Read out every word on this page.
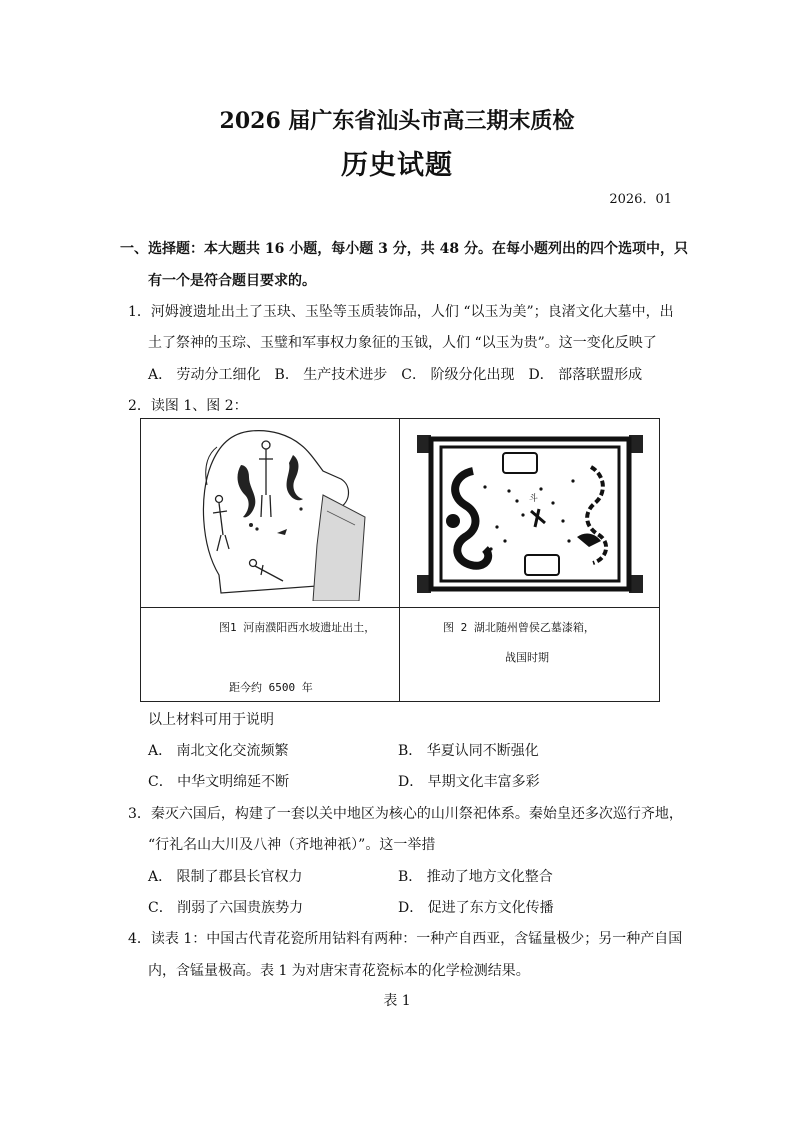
2026 届广东省汕头市高三期末质检
历史试题
2026．01
一、选择题：本大题共 16 小题，每小题 3 分，共 48 分。在每小题列出的四个选项中，只
有一个是符合题目要求的。
1．河姆渡遗址出土了玉玦、玉坠等玉质装饰品，人们 “以玉为美”；良渚文化大墓中，出
土了祭神的玉琮、玉璧和军事权力象征的玉钺，人们 “以玉为贵”。这一变化反映了
A． 劳动分工细化　B． 生产技术进步　C． 阶级分化出现　D． 部落联盟形成
2．读图 1、图 2：
斗
图1 河南濮阳西水坡遗址出土，
距今约 6500 年
图 2 湖北随州曾侯乙墓漆箱，
战国时期
以上材料可用于说明
A． 南北文化交流频繁	B． 华夏认同不断强化
C． 中华文明绵延不断	D． 早期文化丰富多彩
3．秦灭六国后，构建了一套以关中地区为核心的山川祭祀体系。秦始皇还多次巡行齐地，
“行礼名山大川及八神（齐地神祇）”。这一举措
A． 限制了郡县长官权力	B． 推动了地方文化整合
C． 削弱了六国贵族势力	D． 促进了东方文化传播
4．读表 1：中国古代青花瓷所用钴料有两种：一种产自西亚，含锰量极少；另一种产自国
内，含锰量极高。表 1 为对唐宋青花瓷标本的化学检测结果。
表 1
